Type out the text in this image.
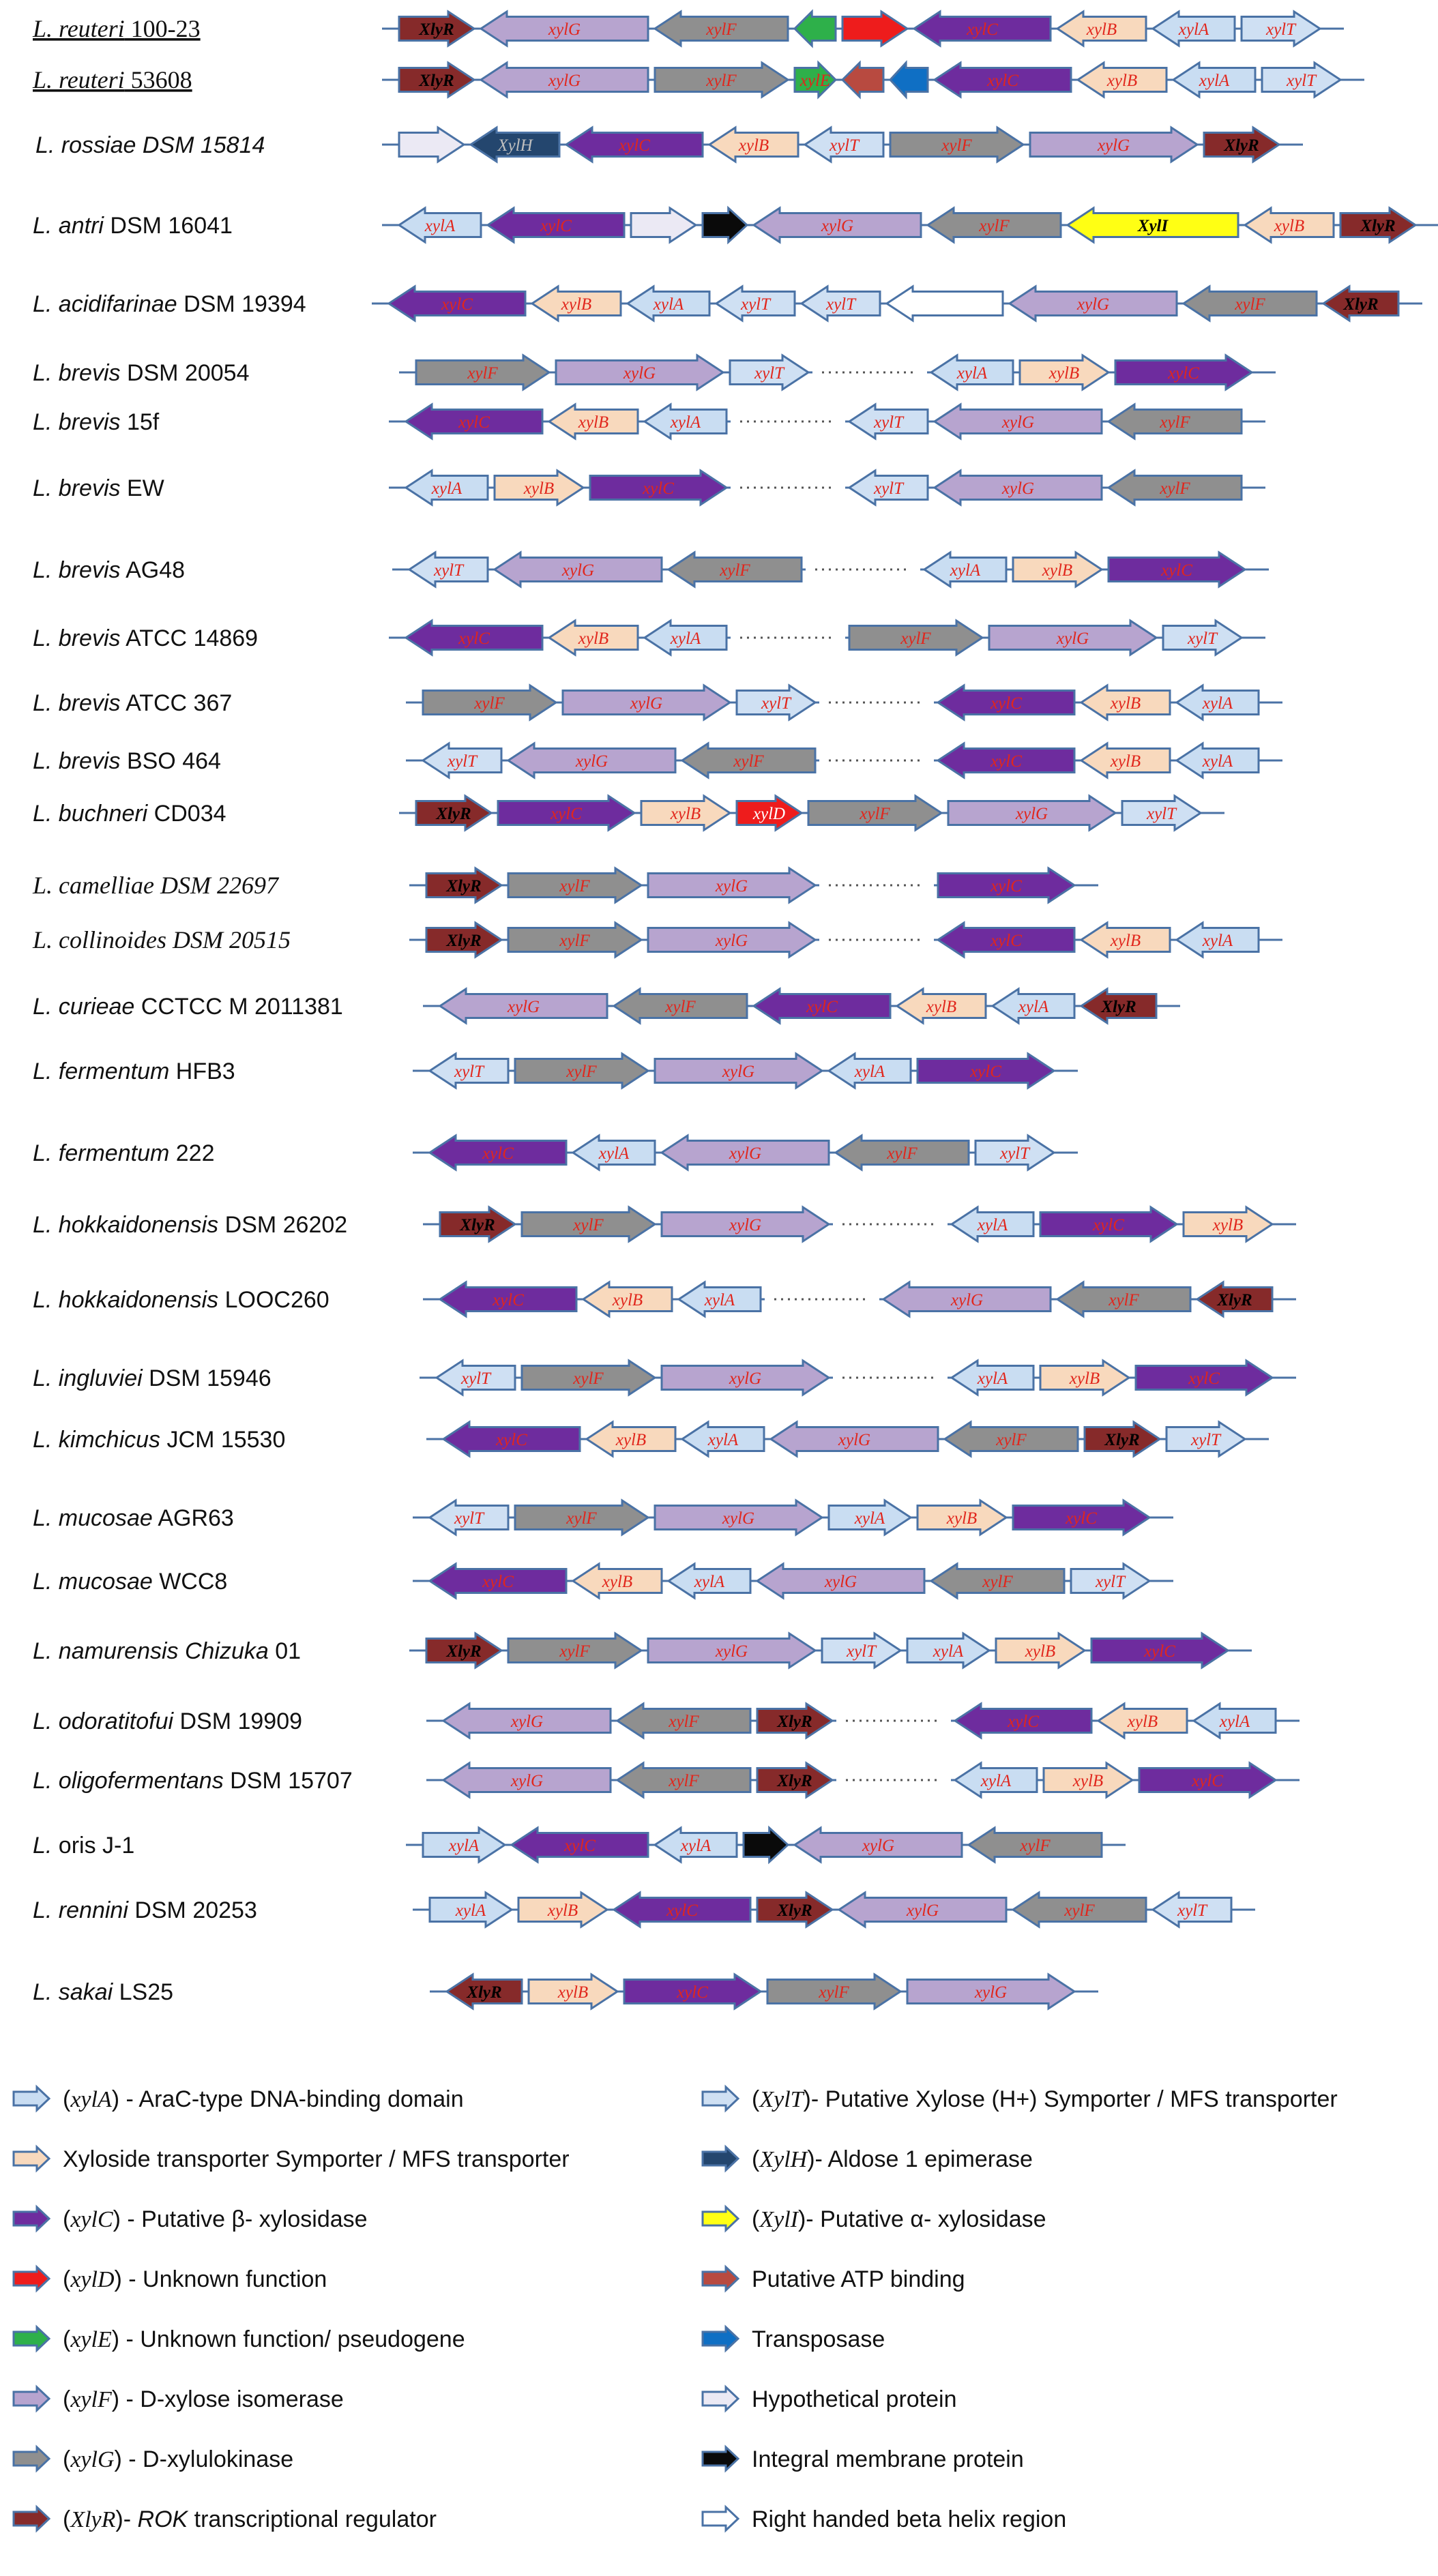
L. reuteri 100-23	XlyR	xylG	xylF	xylC	xylB	xylA	xylT
L. reuteri 53608	XlyR	xylG	xylF	xylE	xylC	xylB	xylA	xylT
L. rossiae DSM 15814	XylH	xylC	xylB	xylT	xylF	xylG	XlyR
L. antri DSM 16041	xylA	xylC	xylG	xylF	XylI	xylB	XlyR
L. acidifarinae DSM 19394	xylC	xylB	xylA	xylT	xylT	xylG	xylF	XlyR
L. brevis DSM 20054	xylF	xylG	xylT	xylA	xylB	xylC
L. brevis 15f	xylC	xylB	xylA	xylT	xylG	xylF
L. brevis EW	xylA	xylB	xylC	xylT	xylG	xylF
L. brevis AG48	xylT	xylG	xylF	xylA	xylB	xylC
L. brevis ATCC 14869	xylC	xylB	xylA	xylF	xylG	xylT
L. brevis ATCC 367	xylF	xylG	xylT	xylC	xylB	xylA
L. brevis BSO 464	xylT	xylG	xylF	xylC	xylB	xylA
L. buchneri CD034	XlyR	xylC	xylB	xylD	xylF	xylG	xylT
L. camelliae DSM 22697	XlyR	xylF	xylG	xylC
L. collinoides DSM 20515	XlyR	xylF	xylG	xylC	xylB	xylA
L. curieae CCTCC M 2011381	xylG	xylF	xylC	xylB	xylA	XlyR
L. fermentum HFB3	xylT	xylF	xylG	xylA	xylC
L. fermentum 222	xylC	xylA	xylG	xylF	xylT
L. hokkaidonensis DSM 26202	XlyR	xylF	xylG	xylA	xylC	xylB
L. hokkaidonensis LOOC260	xylC	xylB	xylA	xylG	xylF	XlyR
L. ingluviei DSM 15946	xylT	xylF	xylG	xylA	xylB	xylC
L. kimchicus JCM 15530	xylC	xylB	xylA	xylG	xylF	XlyR	xylT
L. mucosae AGR63	xylT	xylF	xylG	xylA	xylB	xylC
L. mucosae WCC8	xylC	xylB	xylA	xylG	xylF	xylT
L. namurensis Chizuka 01	XlyR	xylF	xylG	xylT	xylA	xylB	xylC
L. odoratitofui DSM 19909	xylG	xylF	XlyR	xylC	xylB	xylA
L. oligofermentans DSM 15707	xylG	xylF	XlyR	xylA	xylB	xylC
L. oris J-1	xylA	xylC	xylA	xylG	xylF
L. rennini DSM 20253	xylA	xylB	xylC	XlyR	xylG	xylF	xylT
L. sakai LS25	XlyR	xylB	xylC	xylF	xylG
(xylA) - AraC-type DNA-binding domain
Xyloside transporter Symporter / MFS transporter
(xylC) - Putative β- xylosidase
(xylD) - Unknown function
(xylE) - Unknown function/ pseudogene
(xylF) - D-xylose isomerase
(xylG) - D-xylulokinase
(XlyR)- ROK transcriptional regulator
(XylT)- Putative Xylose (H+) Symporter / MFS transporter
(XylH)- Aldose 1 epimerase
(XylI)- Putative α- xylosidase
Putative ATP binding
Transposase
Hypothetical protein
Integral membrane protein
Right handed beta helix region
